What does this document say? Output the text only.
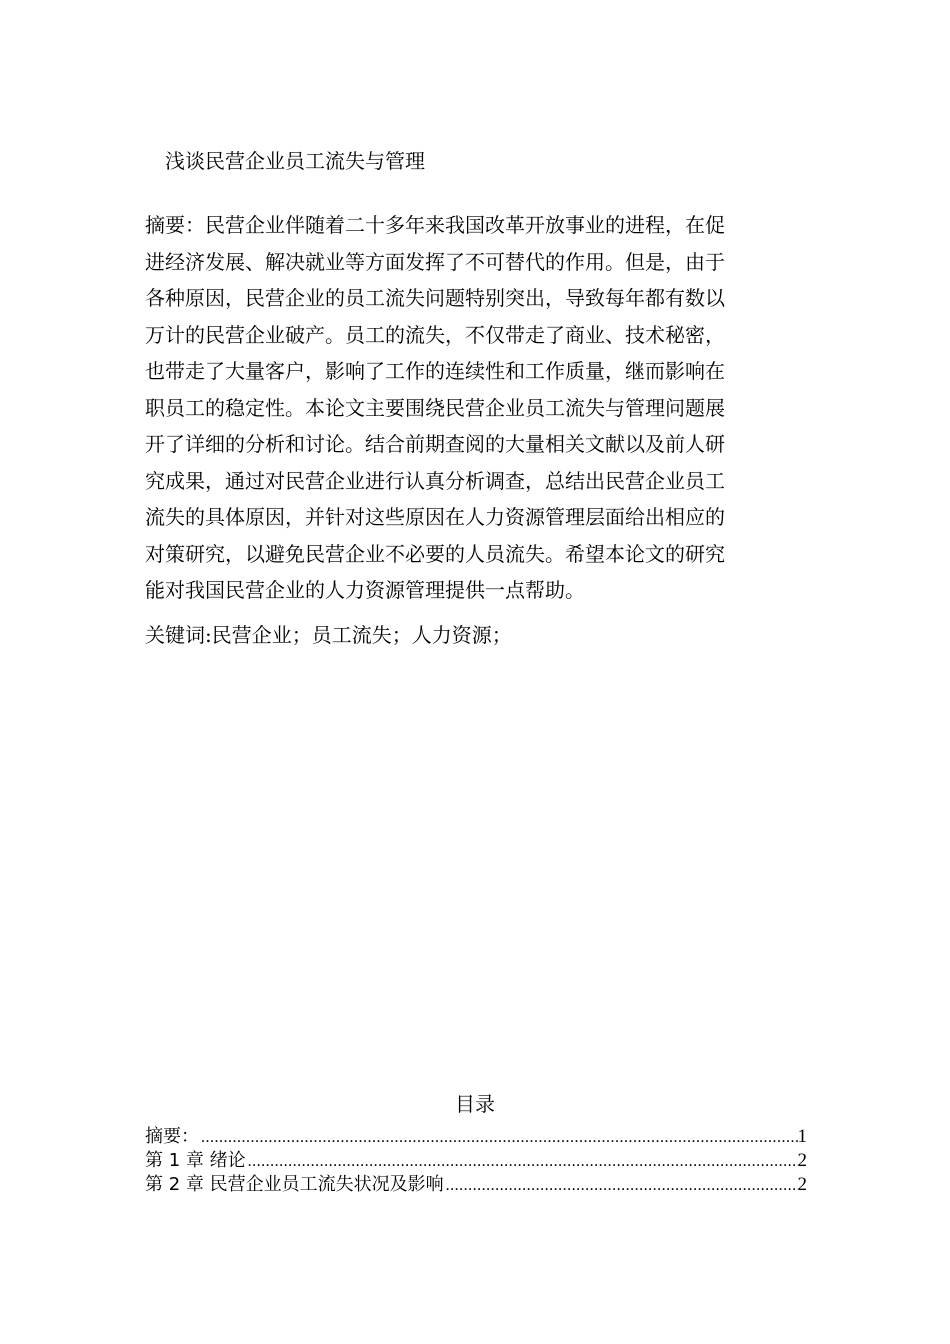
浅谈民营企业员工流失与管理
摘要：民营企业伴随着二十多年来我国改革开放事业的进程，在促
进经济发展、解决就业等方面发挥了不可替代的作用。但是，由于
各种原因，民营企业的员工流失问题特别突出，导致每年都有数以
万计的民营企业破产。员工的流失，不仅带走了商业、技术秘密，
也带走了大量客户，影响了工作的连续性和工作质量，继而影响在
职员工的稳定性。本论文主要围绕民营企业员工流失与管理问题展
开了详细的分析和讨论。结合前期查阅的大量相关文献以及前人研
究成果，通过对民营企业进行认真分析调查，总结出民营企业员工
流失的具体原因，并针对这些原因在人力资源管理层面给出相应的
对策研究，以避免民营企业不必要的人员流失。希望本论文的研究
能对我国民营企业的人力资源管理提供一点帮助。
关键词:民营企业；员工流失；人力资源；
目录
摘要： .....	1
第 1 章 绪论 .....	2
第 2 章 民营企业员工流失状况及影响 .....	2
